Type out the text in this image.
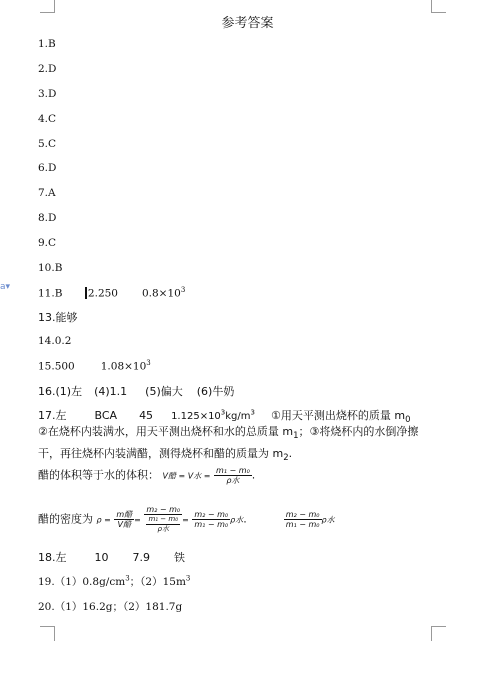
a▾
参考答案
1.B
2.D
3.D
4.C
5.C
6.D
7.A
8.D
9.C
10.B
11.B 2.250 $0.8\times 10^3$
13.能够
14.0.2
15.500 $1.08\times 10^3$
16.(1)左 (4)1.1 (5)偏大 (6)牛奶
17.左	BCA 45 $1.125\times 10^3kg/m^3$ ①用天平测出烧杯的质量 $m_0$
②在烧杯内装满水，用天平测出烧杯和水的总质量 $m_1$；③将烧杯内的水倒净擦
干，再往烧杯内装满醋，测得烧杯和醋的质量为 $m_2$.
醋的体积等于水的体积： V醋 = V水 = $\frac{\text{m₁ − m₀}}{\text{ρ水}}$ .
醋的密度为 $\rho = \frac{\text{m醋}}{\text{V醋}} = \frac{\text{m₂ − m₀}}{\frac{\text{m₁ − m₀}}{\text{ρ水}}} = \frac{\text{m₂ − m₀}}{\text{m₁ − m₀}}$ ρ水.	$\frac{\text{m₂ − m₀}}{\text{m₁ − m₀}}$ ρ水
18.左	10 7.9 铁
$19.(1)0.8g/cm^3$；$(2)15m^3$
20.（1）16.2g；（2）181.7g
